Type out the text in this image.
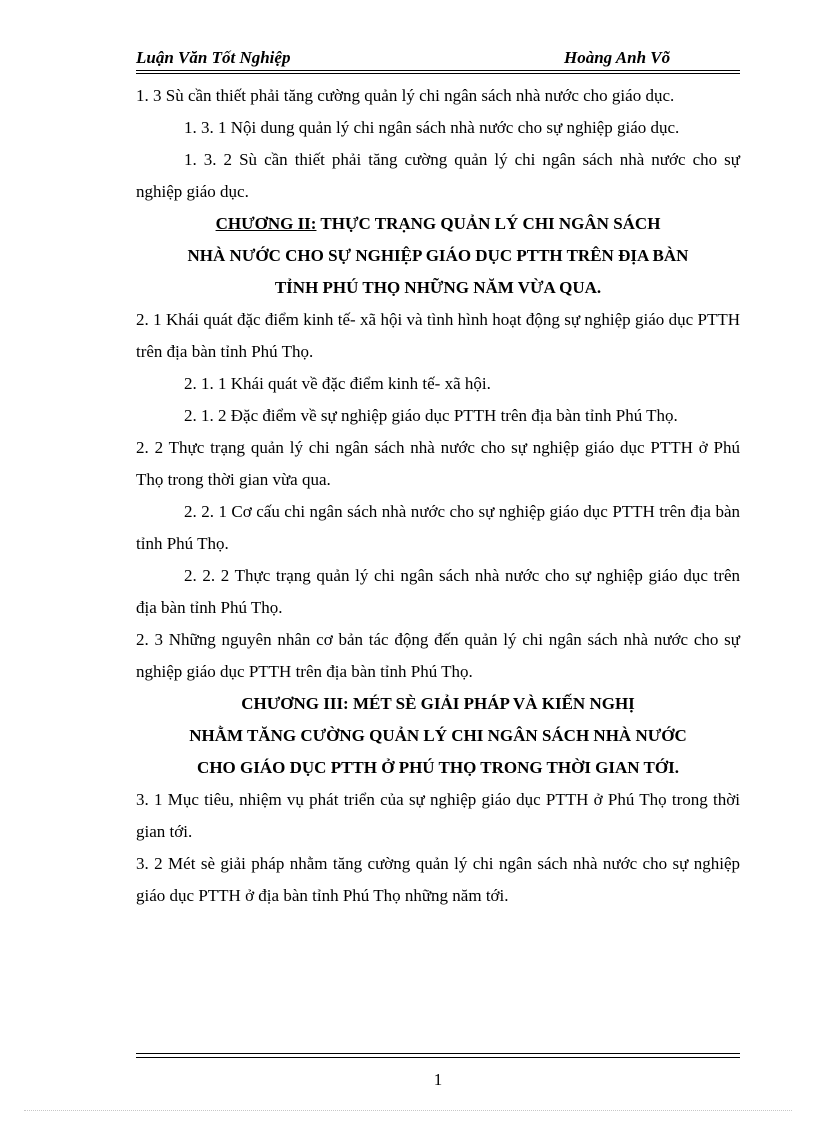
Luận Văn Tốt Nghiệp	Hoàng Anh Võ

1. 3 Sù cần thiết phải tăng cường quản lý chi ngân sách nhà nước cho giáo dục.

1. 3. 1 Nội dung quản lý chi ngân sách nhà nước cho sự nghiệp giáo dục.

1. 3. 2 Sù cần thiết phải tăng cường quản lý chi ngân sách nhà nước cho sự nghiệp giáo dục.

CHƯƠNG II: THỰC TRẠNG QUẢN LÝ CHI NGÂN SÁCH

NHÀ NƯỚC CHO SỰ NGHIỆP GIÁO DỤC PTTH TRÊN ĐỊA BÀN

TỈNH PHÚ THỌ NHỮNG NĂM VỪA QUA.

2. 1 Khái quát đặc điểm kinh tế- xã hội và tình hình hoạt động sự nghiệp giáo dục PTTH trên địa bàn tỉnh Phú Thọ.

2. 1. 1 Khái quát về đặc điểm kinh tế- xã hội.

2. 1. 2 Đặc điểm về sự nghiệp giáo dục PTTH trên địa bàn tỉnh Phú Thọ.

2. 2 Thực trạng quản lý chi ngân sách nhà nước cho sự nghiệp giáo dục PTTH ở Phú Thọ trong thời gian vừa qua.

2. 2. 1 Cơ cấu chi ngân sách nhà nước cho sự nghiệp giáo dục PTTH trên địa bàn tỉnh Phú Thọ.

2. 2. 2 Thực trạng quản lý chi ngân sách nhà nước cho sự nghiệp giáo dục trên địa bàn tỉnh Phú Thọ.

2. 3 Những nguyên nhân cơ bản tác động đến quản lý chi ngân sách nhà nước cho sự nghiệp giáo dục PTTH trên địa bàn tỉnh Phú Thọ.

CHƯƠNG III: MÉT SÈ GIẢI PHÁP VÀ KIẾN NGHỊ

NHẰM TĂNG CƯỜNG QUẢN LÝ CHI NGÂN SÁCH NHÀ NƯỚC

CHO GIÁO DỤC PTTH Ở PHÚ THỌ TRONG THỜI GIAN TỚI.

3. 1 Mục tiêu, nhiệm vụ phát triển của sự nghiệp giáo dục PTTH ở Phú Thọ trong thời gian tới.

3. 2 Mét sè giải pháp nhằm tăng cường quản lý chi ngân sách nhà nước cho sự nghiệp giáo dục PTTH ở địa bàn tỉnh Phú Thọ những năm tới.

1
